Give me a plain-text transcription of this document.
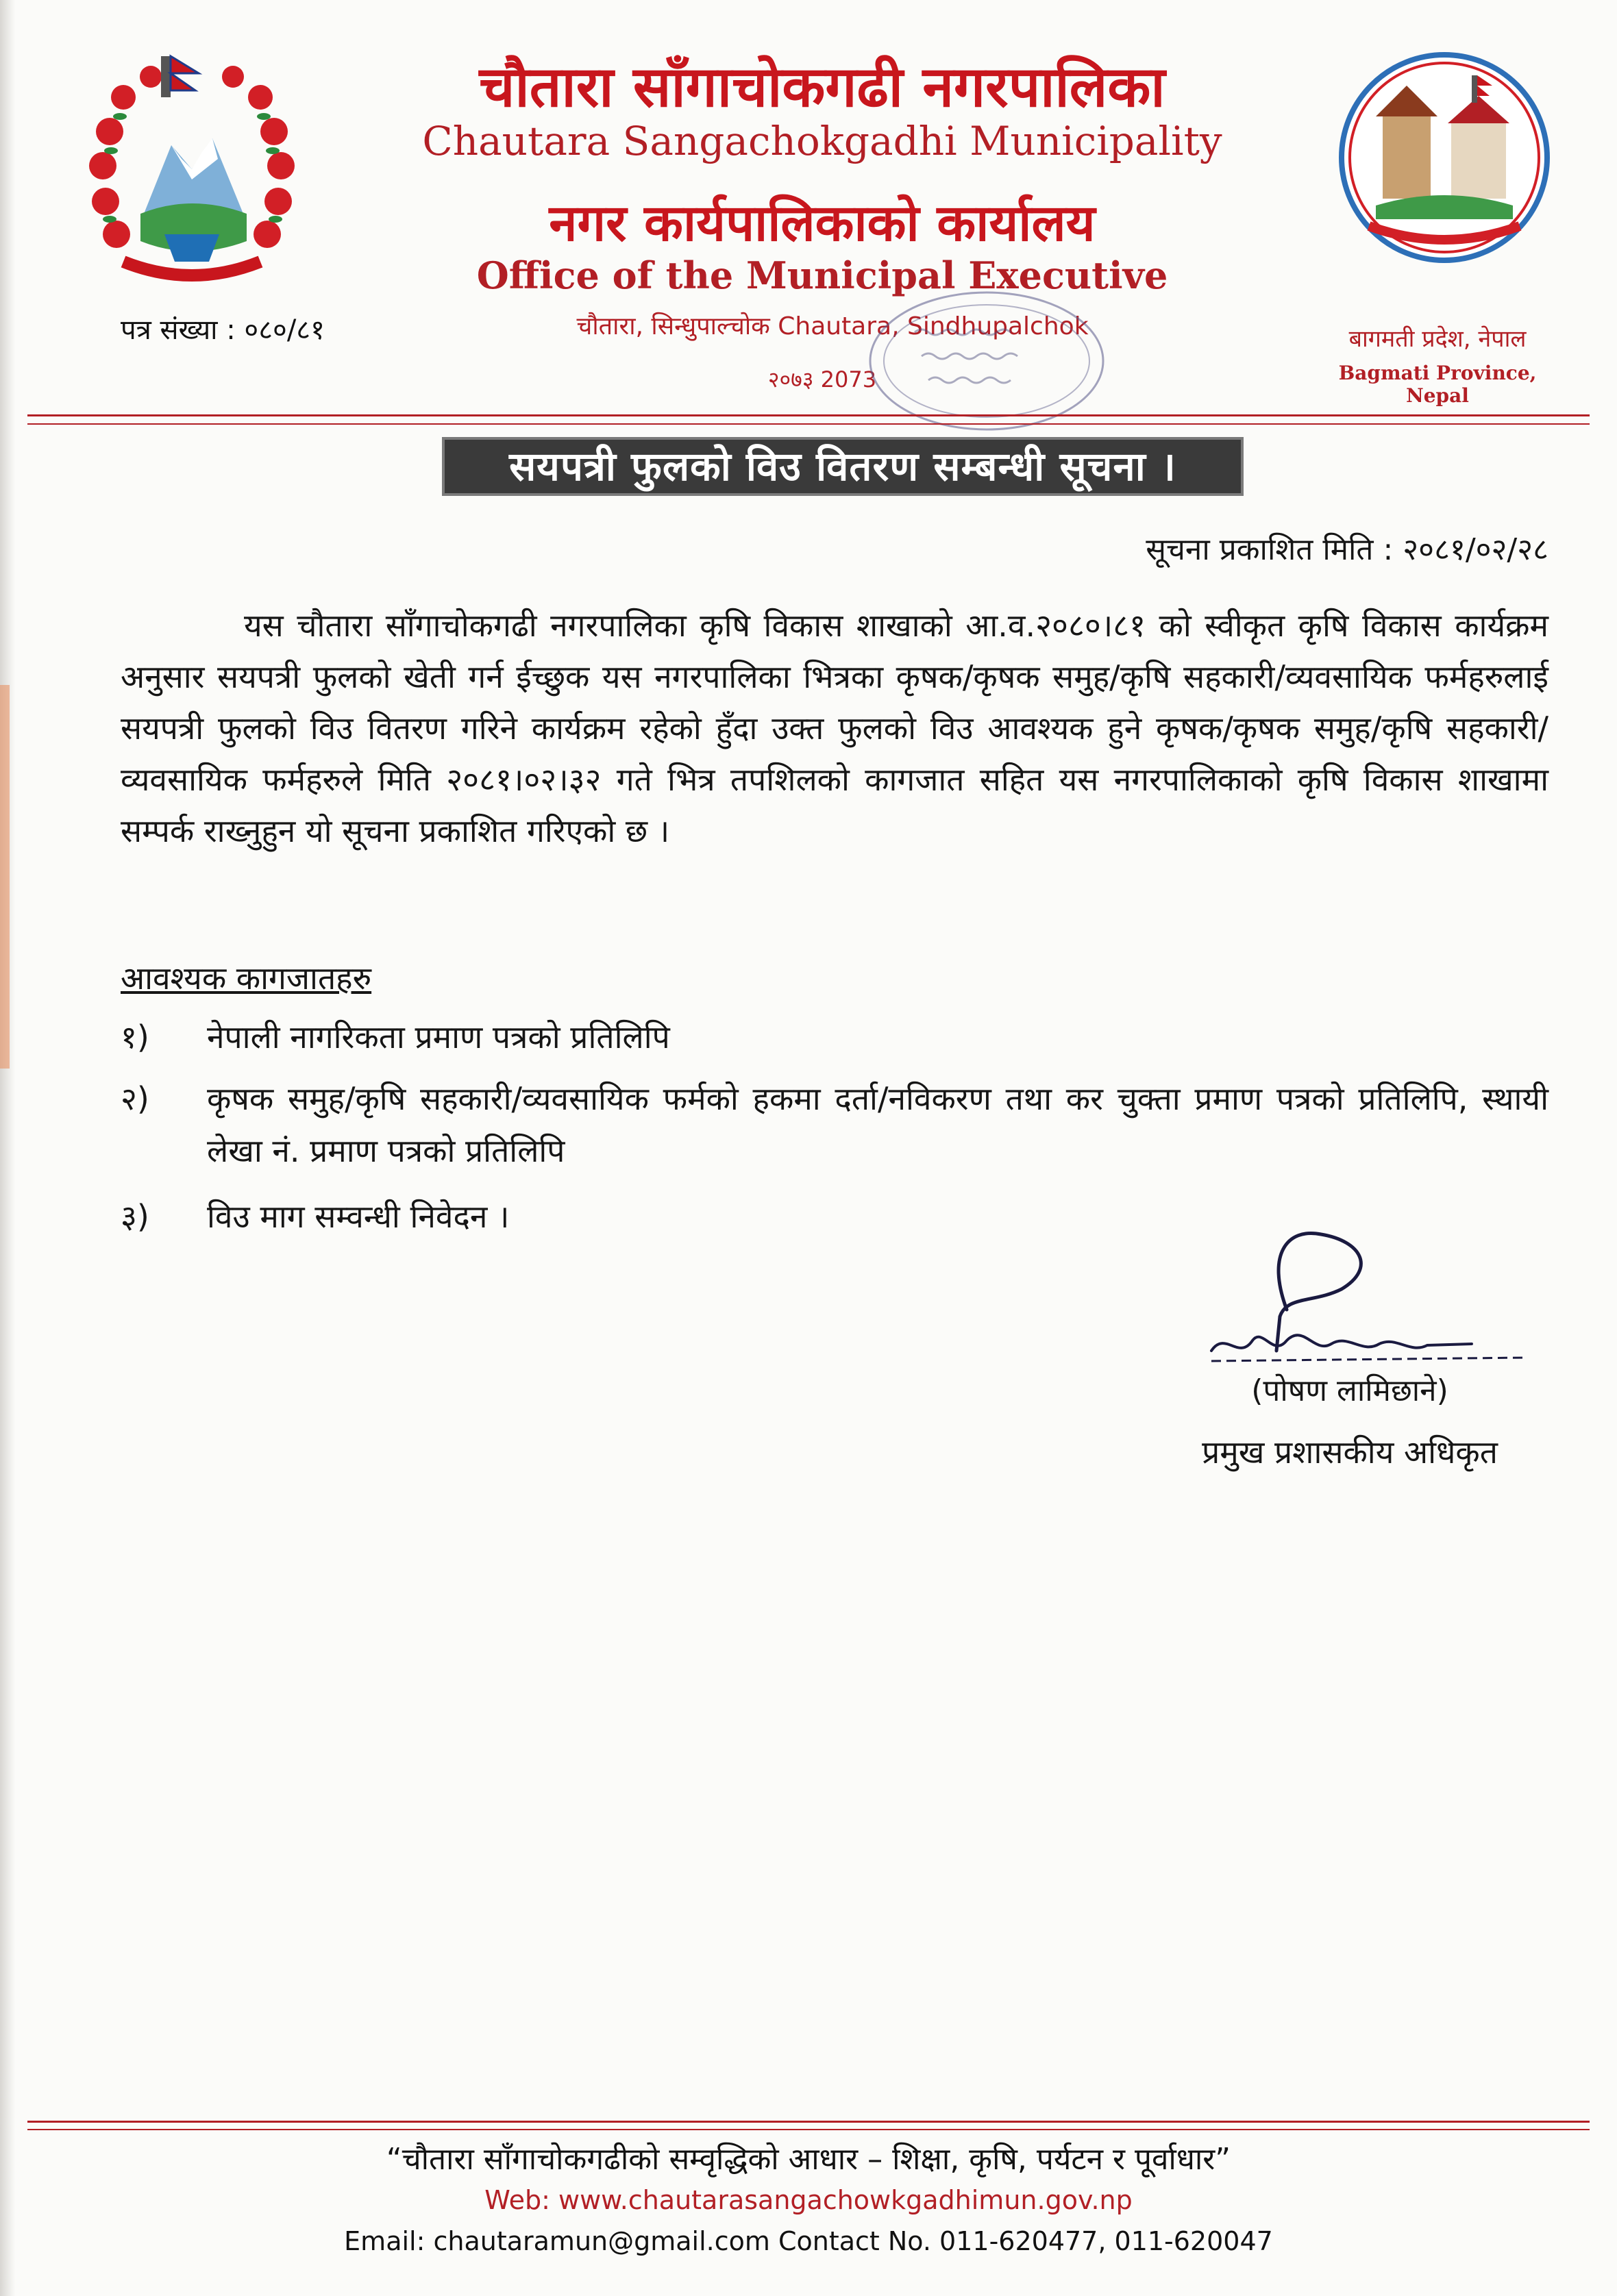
चौतारा साँगाचोकगढी नगरपालिका
Chautara Sangachokgadhi Municipality
नगर कार्यपालिकाको कार्यालय
Office of the Municipal Executive
चौतारा, सिन्धुपाल्चोक Chautara, Sindhupalchok
२०७३ 2073
पत्र संख्या : ०८०/८१	बागमती प्रदेश, नेपाल
Bagmati Province, Nepal
सयपत्री फुलको विउ वितरण सम्बन्धी सूचना ।
सूचना प्रकाशित मिति : २०८१/०२/२८
यस चौतारा साँगाचोकगढी नगरपालिका कृषि विकास शाखाको आ.व.२०८०।८१ को स्वीकृत कृषि विकास कार्यक्रम अनुसार सयपत्री फुलको खेती गर्न ईच्छुक यस नगरपालिका भित्रका कृषक/कृषक समुह/कृषि सहकारी/व्यवसायिक फर्महरुलाई सयपत्री फुलको विउ वितरण गरिने कार्यक्रम रहेको हुँदा उक्त फुलको विउ आवश्यक हुने कृषक/कृषक समुह/कृषि सहकारी/व्यवसायिक फर्महरुले मिति २०८१।०२।३२ गते भित्र तपशिलको कागजात सहित यस नगरपालिकाको कृषि विकास शाखामा सम्पर्क राख्नुहुन यो सूचना प्रकाशित गरिएको छ ।
आवश्यक कागजातहरु
१)	नेपाली नागरिकता प्रमाण पत्रको प्रतिलिपि
२)	कृषक समुह/कृषि सहकारी/व्यवसायिक फर्मको हकमा दर्ता/नविकरण तथा कर चुक्ता प्रमाण पत्रको प्रतिलिपि, स्थायी लेखा नं. प्रमाण पत्रको प्रतिलिपि
३)	विउ माग सम्वन्धी निवेदन ।
(पोषण लामिछाने)
प्रमुख प्रशासकीय अधिकृत
“चौतारा साँगाचोकगढीको सम्वृद्धिको आधार – शिक्षा, कृषि, पर्यटन र पूर्वाधार”
Web: www.chautarasangachowkgadhimun.gov.np
Email: chautaramun@gmail.com Contact No. 011-620477, 011-620047
